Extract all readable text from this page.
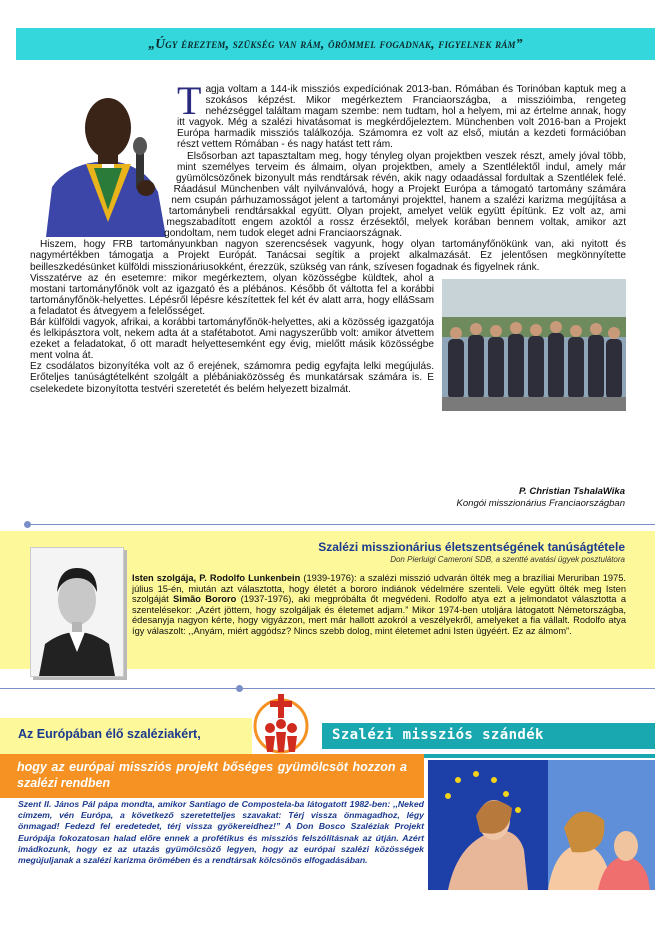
„Úgy éreztem, szükség van rám, örömmel fogadnak, figyelnek rám”
T agja voltam a 144-ik missziós expedíciónak 2013-ban. Rómában és Torinóban kaptuk meg a szokásos képzést. Mikor megérkeztem Franciaországba, a misszióimba, rengeteg nehézséggel találtam magam szembe: nem tudtam, hol a helyem, mi az értelme annak, hogy itt vagyok. Még a szalézi hivatásomat is megkérdőjeleztem. Münchenben volt 2016-ban a Projekt Európa harmadik missziós találkozója. Számomra ez volt az első, miután a kezdeti formációban részt vettem Rómában - és nagy hatást tett rám.

Elsősorban azt tapasztaltam meg, hogy tényleg olyan projektben veszek részt, amely jóval több, mint személyes terveim és álmaim, olyan projektben, amely a Szentlélektől indul, amely már gyümölcsözőnek bizonyult más rendtársak révén, akik nagy odaadással fordultak a Szentlélek felé. Ráadásul Münchenben vált nyilvánvalóvá, hogy a Projekt Európa a támogató tartomány számára nem csupán párhuzamosságot jelent a tartományi projekttel, hanem a szalézi karizma megújítása a tartománybeli rendtársakkal együtt. Olyan projekt, amelyet velük együtt építünk. Ez volt az, ami megszabadított engem azoktól a rossz érzésektől, melyek korában bennem voltak, amikor azt gondoltam, nem tudok eleget adni Franciaországnak.

Hiszem, hogy FRB tartományunkban nagyon szerencsések vagyunk, hogy olyan tartományfőnökünk van, aki nyitott és nagymértékben támogatja a Projekt Európát. Tanácsai segítik a projekt alkalmazását. Ez jelentősen megkönnyítette beilleszkedésünket külföldi misszionáriusokként, érezzük, szükség van ránk, szívesen fogadnak és figyelnek ránk.

Visszatérve az én esetemre: mikor megérkeztem, olyan közösségbe küldtek, ahol a mostani tartományfőnök volt az igazgató és a plébános. Később őt váltotta fel a korábbi tartományfőnök-helyettes. Lépésről lépésre készítettek fel két év alatt arra, hogy elláSsam a feladatot és átvegyem a felelősséget.

Bár külföldi vagyok, afrikai, a korábbi tartományfőnök-helyettes, aki a közösség igazgatója és lelkipásztora volt, nekem adta át a stafétabotot. Ami nagyszerűbb volt: amikor átvettem ezeket a feladatokat, ő ott maradt helyettesemként egy évig, mielőtt másik közösségbe ment volna át.

Ez csodálatos bizonyítéka volt az ő erejének, számomra pedig egyfajta lelki megújulás. Erőteljes tanúságtételként szolgált a plébániaközösség és munkatársak számára is. E cselekedete bizonyította testvéri szeretetét és belém helyezett bizalmát.

P. Christian TshalaWika
Kongói misszionárius Franciaországban
Szalézi misszionárius életszentségének tanúságtétele
Don Pierluigi Cameroni SDB, a szentté avatási ügyek posztulátora
Isten szolgája, P. Rodolfo Lunkenbein (1939-1976): a szalézi misszió udvarán ölték meg a brazíliai Meruriban 1975. július 15-én, miután azt választotta, hogy életét a bororo indiánok védelmére szenteli. Vele együtt ölték meg Isten szolgáját Simão Bororo (1937-1976), aki megpróbálta őt megvédeni. Rodolfo atya ezt a jelmondatot választotta a szentelésekor: „Azért jöttem, hogy szolgáljak és életemet adjam.” Mikor 1974-ben utoljára látogatott Németországba, édesanyja nagyon kérte, hogy vigyázzon, mert már hallott azokról a veszélyekről, amelyeket a fia vállalt. Rodolfo atya így válaszolt: ,,Anyám, miért aggódsz? Nincs szebb dolog, mint életemet adni Isten ügyéért. Ez az álmom”.
Az Európában élő szaléziakért,	Szalézi missziós szándék
hogy az európai missziós projekt bőséges gyümölcsöt hozzon a szalézi rendben
Szent II. János Pál pápa mondta, amikor Santiago de Compostela-ba látogatott 1982-ben: ,,Neked címzem, vén Európa, a következő szeretetteljes szavakat: Térj vissza önmagadhoz, légy önmagad! Fedezd fel eredetedet, térj vissza gyökereidhez!” A Don Bosco Szaléziak Projekt Európája fokozatosan halad előre ennek a profétikus és missziós felszólításnak az útján. Azért imádkozunk, hogy ez az utazás gyümölcsöző legyen, hogy az európai szalézi közösségek megújuljanak a szalézi karizma örömében és a rendtársak kölcsönös elfogadásában.
